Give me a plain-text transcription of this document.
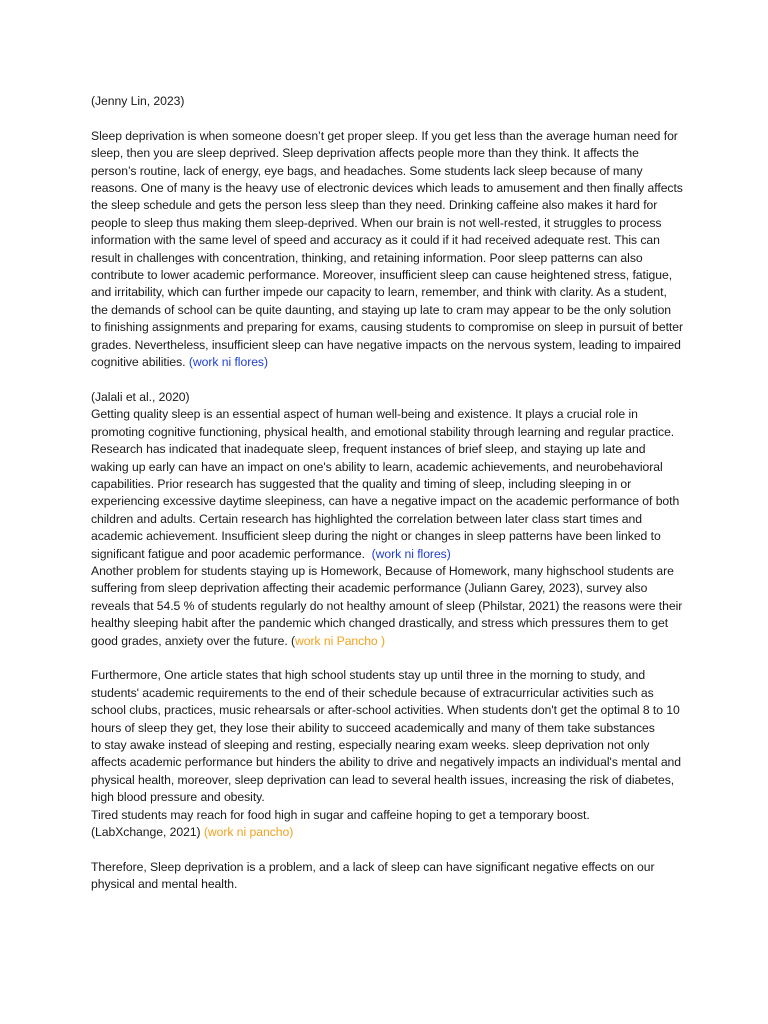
(Jenny Lin, 2023)

Sleep deprivation is when someone doesn’t get proper sleep. If you get less than the average human need for sleep, then you are sleep deprived. Sleep deprivation affects people more than they think. It affects the person’s routine, lack of energy, eye bags, and headaches. Some students lack sleep because of many reasons. One of many is the heavy use of electronic devices which leads to amusement and then finally affects the sleep schedule and gets the person less sleep than they need. Drinking caffeine also makes it hard for people to sleep thus making them sleep-deprived. When our brain is not well-rested, it struggles to process information with the same level of speed and accuracy as it could if it had received adequate rest. This can result in challenges with concentration, thinking, and retaining information. Poor sleep patterns can also contribute to lower academic performance. Moreover, insufficient sleep can cause heightened stress, fatigue, and irritability, which can further impede our capacity to learn, remember, and think with clarity. As a student, the demands of school can be quite daunting, and staying up late to cram may appear to be the only solution to finishing assignments and preparing for exams, causing students to compromise on sleep in pursuit of better grades. Nevertheless, insufficient sleep can have negative impacts on the nervous system, leading to impaired cognitive abilities. (work ni flores)

(Jalali et al., 2020)

Getting quality sleep is an essential aspect of human well-being and existence. It plays a crucial role in promoting cognitive functioning, physical health, and emotional stability through learning and regular practice. Research has indicated that inadequate sleep, frequent instances of brief sleep, and staying up late and waking up early can have an impact on one's ability to learn, academic achievements, and neurobehavioral capabilities. Prior research has suggested that the quality and timing of sleep, including sleeping in or experiencing excessive daytime sleepiness, can have a negative impact on the academic performance of both children and adults. Certain research has highlighted the correlation between later class start times and academic achievement. Insufficient sleep during the night or changes in sleep patterns have been linked to significant fatigue and poor academic performance. (work ni flores)

Another problem for students staying up is Homework, Because of Homework, many highschool students are suffering from sleep deprivation affecting their academic performance (Juliann Garey, 2023), survey also reveals that 54.5 % of students regularly do not healthy amount of sleep (Philstar, 2021) the reasons were their healthy sleeping habit after the pandemic which changed drastically, and stress which pressures them to get good grades, anxiety over the future. (work ni Pancho )

Furthermore, One article states that high school students stay up until three in the morning to study, and students' academic requirements to the end of their schedule because of extracurricular activities such as school clubs, practices, music rehearsals or after-school activities. When students don't get the optimal 8 to 10 hours of sleep they get, they lose their ability to succeed academically and many of them take substances

to stay awake instead of sleeping and resting, especially nearing exam weeks. sleep deprivation not only affects academic performance but hinders the ability to drive and negatively impacts an individual's mental and physical health, moreover, sleep deprivation can lead to several health issues, increasing the risk of diabetes, high blood pressure and obesity.

Tired students may reach for food high in sugar and caffeine hoping to get a temporary boost.

(LabXchange, 2021) (work ni pancho)

Therefore, Sleep deprivation is a problem, and a lack of sleep can have significant negative effects on our physical and mental health.
